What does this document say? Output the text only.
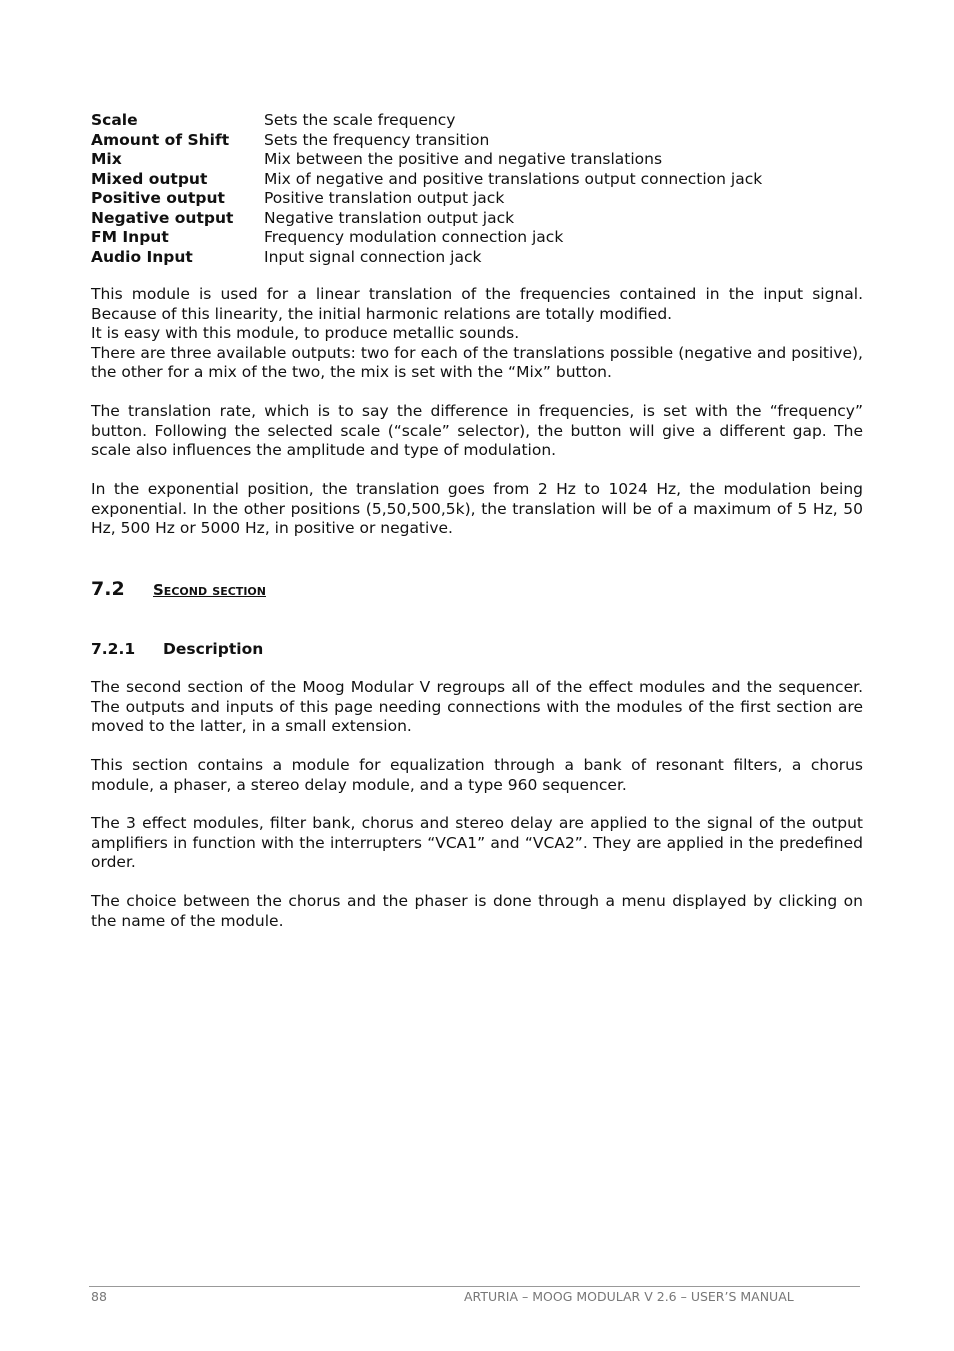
Scale	Sets the scale frequency
Amount of Shift	Sets the frequency transition
Mix	Mix between the positive and negative translations
Mixed output	Mix of negative and positive translations output connection jack
Positive output	Positive translation output jack
Negative output	Negative translation output jack
FM Input	Frequency modulation connection jack
Audio Input	Input signal connection jack
This module is used for a linear translation of the frequencies contained in the input signal. Because of this linearity, the initial harmonic relations are totally modified.
It is easy with this module, to produce metallic sounds.
There are three available outputs: two for each of the translations possible (negative and positive), the other for a mix of the two, the mix is set with the “Mix” button.

The translation rate, which is to say the difference in frequencies, is set with the “frequency” button. Following the selected scale (“scale” selector), the button will give a different gap. The scale also influences the amplitude and type of modulation.

In the exponential position, the translation goes from 2 Hz to 1024 Hz, the modulation being exponential. In the other positions (5,50,500,5k), the translation will be of a maximum of 5 Hz, 50 Hz, 500 Hz or 5000 Hz, in positive or negative.

7.2	Second section
7.2.1	Description

The second section of the Moog Modular V regroups all of the effect modules and the sequencer. The outputs and inputs of this page needing connections with the modules of the first section are moved to the latter, in a small extension.

This section contains a module for equalization through a bank of resonant filters, a chorus module, a phaser, a stereo delay module, and a type 960 sequencer.

The 3 effect modules, filter bank, chorus and stereo delay are applied to the signal of the output amplifiers in function with the interrupters “VCA1” and “VCA2”. They are applied in the predefined order.

The choice between the chorus and the phaser is done through a menu displayed by clicking on the name of the module.

88	ARTURIA – MOOG MODULAR V 2.6 – USER’S MANUAL
